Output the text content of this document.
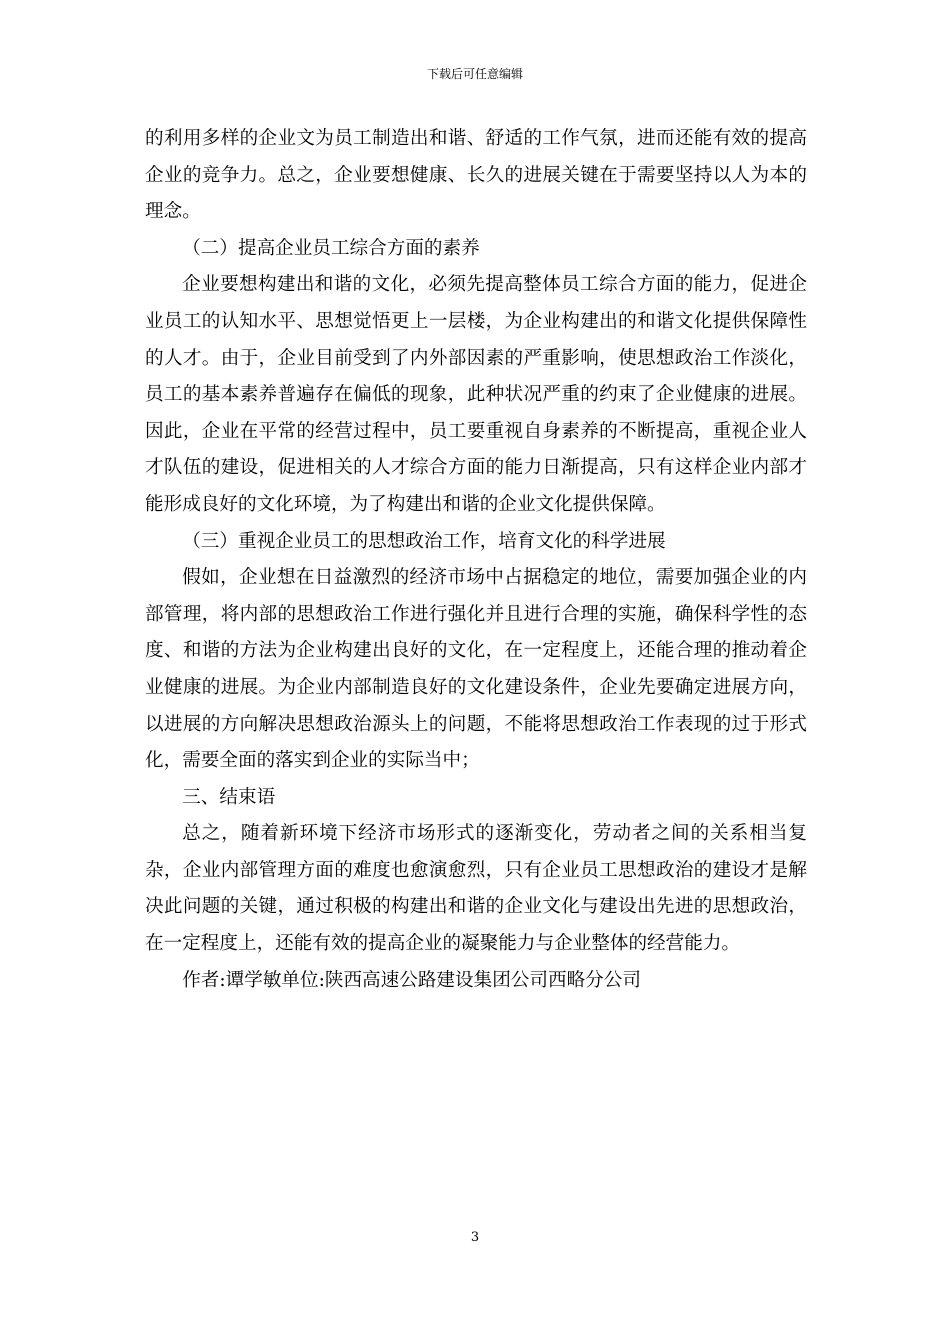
下载后可任意编辑

的利用多样的企业文为员工制造出和谐、舒适的工作气氛，进而还能有效的提高企业的竞争力。总之，企业要想健康、长久的进展关键在于需要坚持以人为本的理念。

（二）提高企业员工综合方面的素养

企业要想构建出和谐的文化，必须先提高整体员工综合方面的能力，促进企业员工的认知水平、思想觉悟更上一层楼，为企业构建出的和谐文化提供保障性的人才。由于，企业目前受到了内外部因素的严重影响，使思想政治工作淡化，员工的基本素养普遍存在偏低的现象，此种状况严重的约束了企业健康的进展。因此，企业在平常的经营过程中，员工要重视自身素养的不断提高，重视企业人才队伍的建设，促进相关的人才综合方面的能力日渐提高，只有这样企业内部才能形成良好的文化环境，为了构建出和谐的企业文化提供保障。

（三）重视企业员工的思想政治工作，培育文化的科学进展

假如，企业想在日益激烈的经济市场中占据稳定的地位，需要加强企业的内部管理，将内部的思想政治工作进行强化并且进行合理的实施，确保科学性的态度、和谐的方法为企业构建出良好的文化，在一定程度上，还能合理的推动着企业健康的进展。为企业内部制造良好的文化建设条件，企业先要确定进展方向，以进展的方向解决思想政治源头上的问题，不能将思想政治工作表现的过于形式化，需要全面的落实到企业的实际当中；

三、结束语

总之，随着新环境下经济市场形式的逐渐变化，劳动者之间的关系相当复杂，企业内部管理方面的难度也愈演愈烈，只有企业员工思想政治的建设才是解决此问题的关键，通过积极的构建出和谐的企业文化与建设出先进的思想政治，在一定程度上，还能有效的提高企业的凝聚能力与企业整体的经营能力。

作者:谭学敏单位:陕西高速公路建设集团公司西略分公司

3
